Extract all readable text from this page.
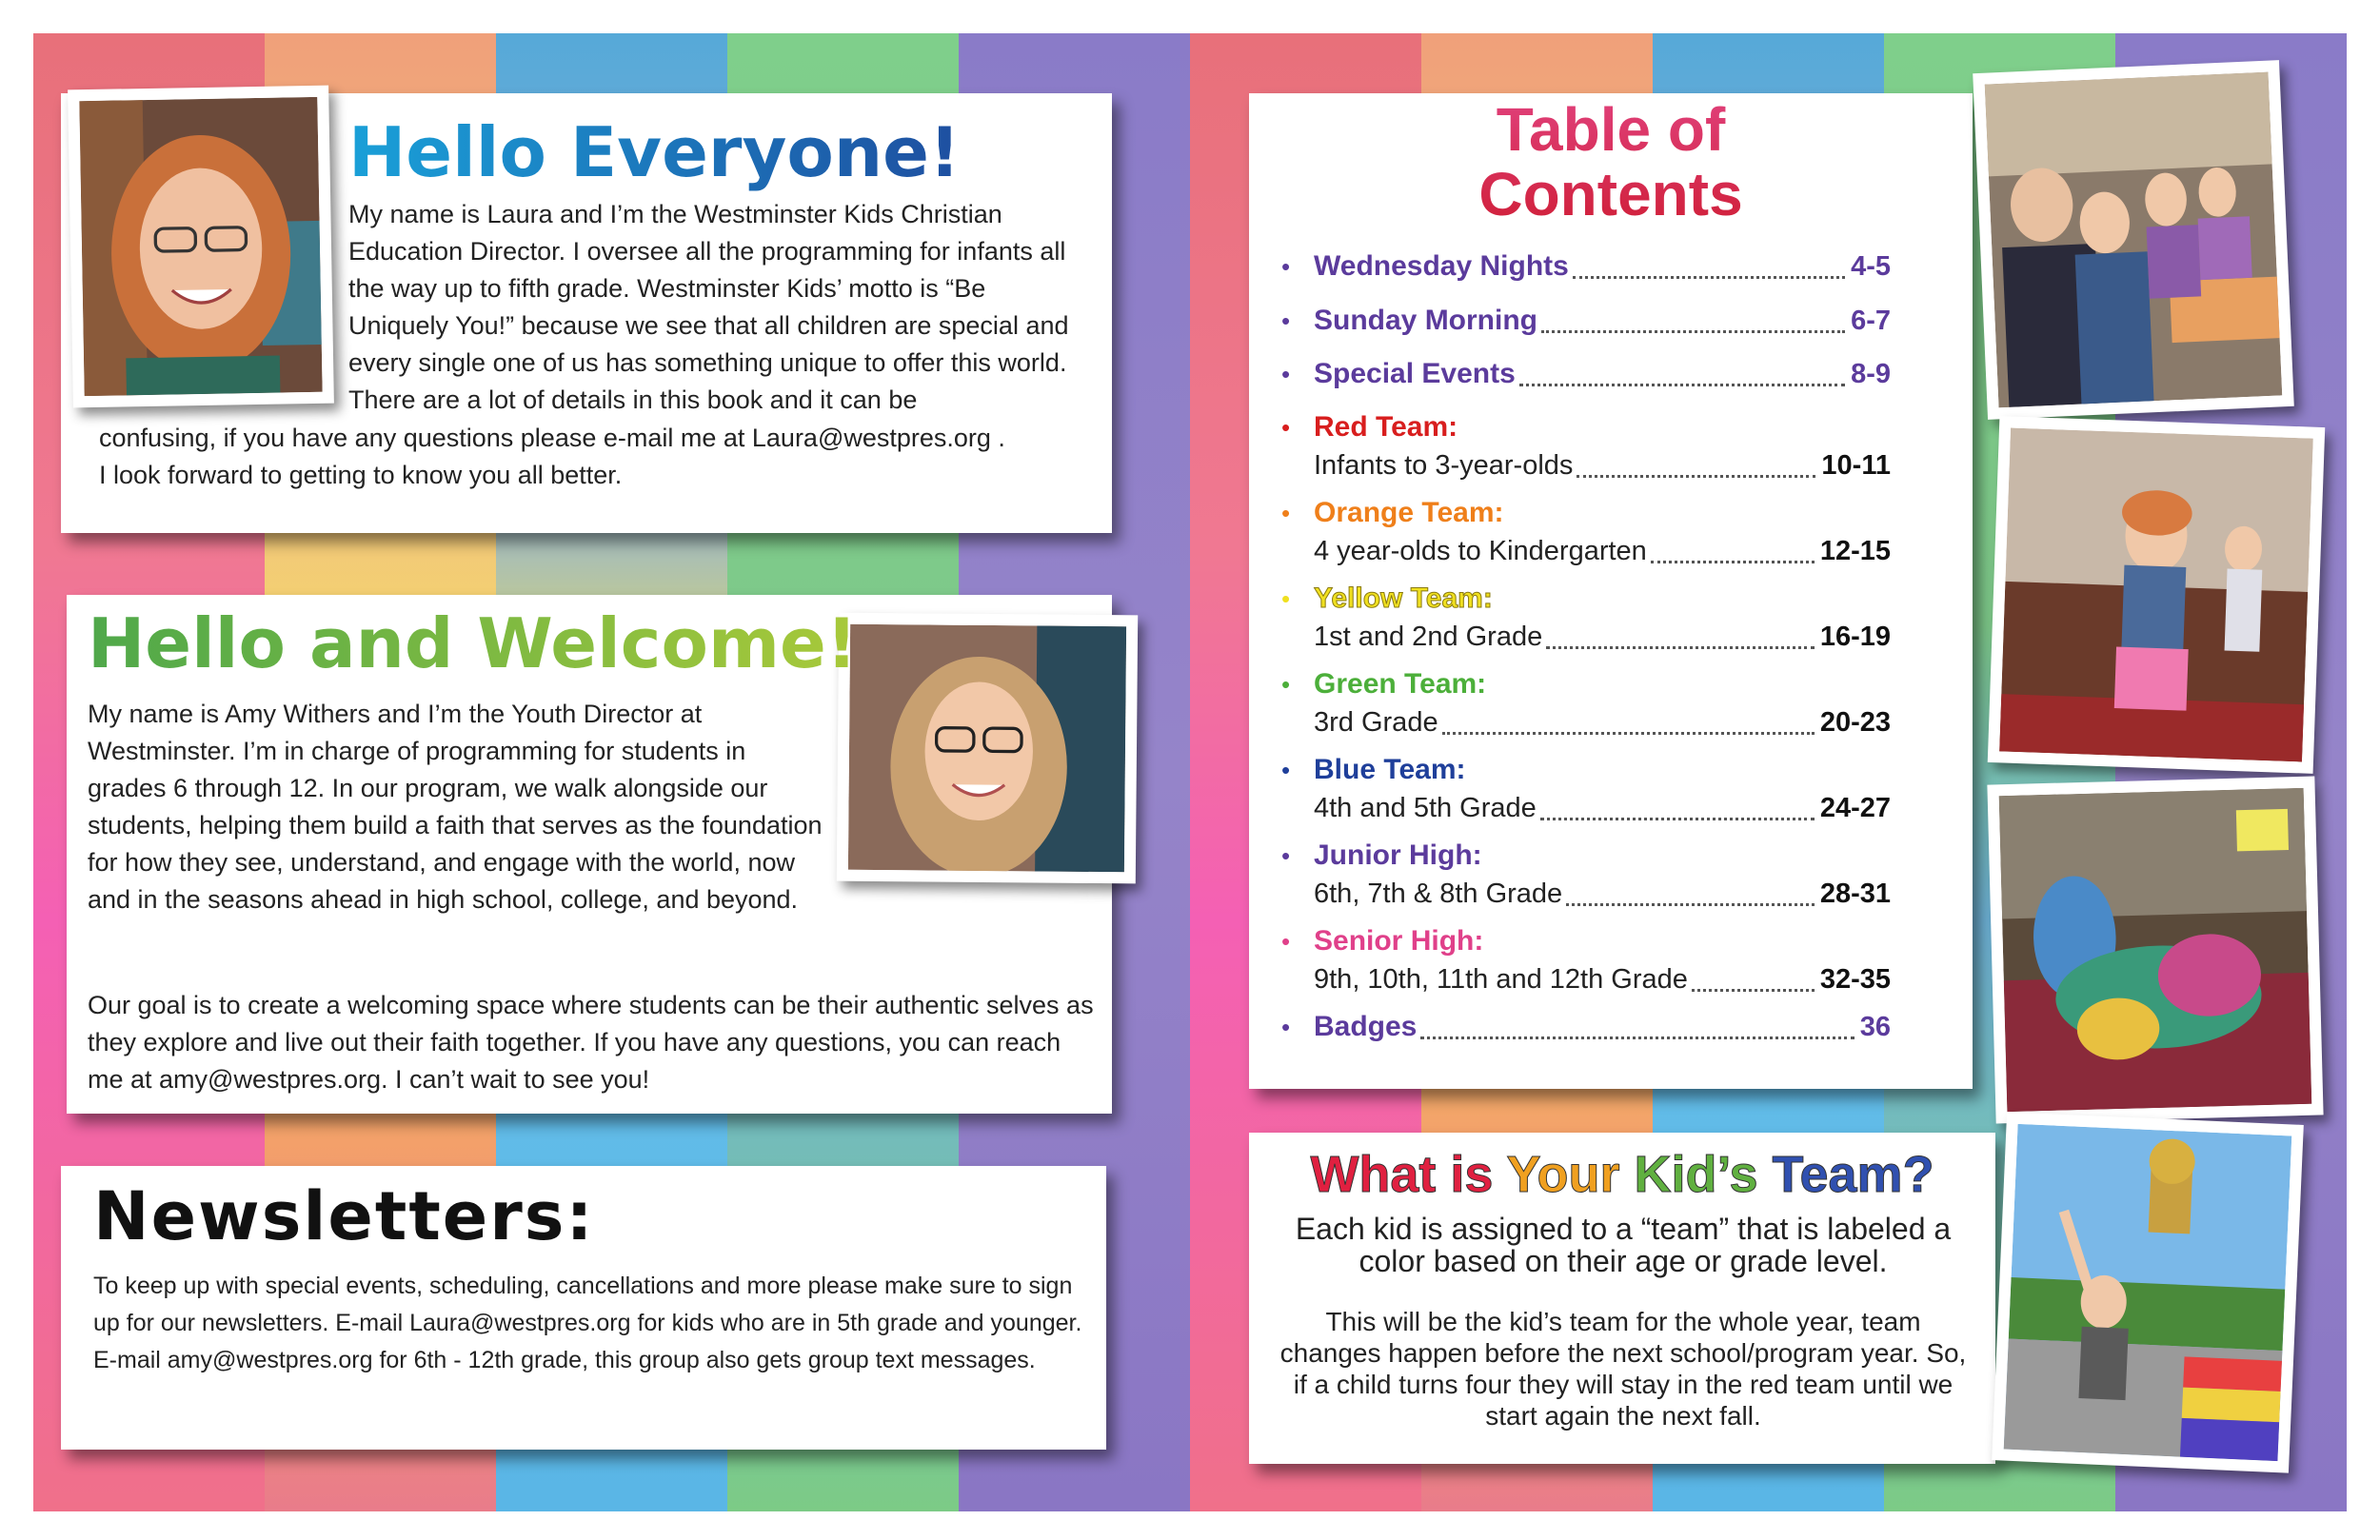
Hello Everyone!
My name is Laura and I’m the Westminster Kids Christian Education Director. I oversee all the programming for infants all the way up to fifth grade. Westminster Kids’ motto is “Be Uniquely You!” because we see that all children are special and every single one of us has something unique to offer this world. There are a lot of details in this book and it can be
confusing, if you have any questions please e-mail me at Laura@westpres.org .
I look forward to getting to know you all better.
Hello and Welcome!
My name is Amy Withers and I’m the Youth Director at Westminster. I’m in charge of programming for students in grades 6 through 12. In our program, we walk alongside our students, helping them build a faith that serves as the foundation for how they see, understand, and engage with the world, now and in the seasons ahead in high school, college, and beyond.
Our goal is to create a welcoming space where students can be their authentic selves as they explore and live out their faith together. If you have any questions, you can reach me at amy@westpres.org. I can’t wait to see you!
Newsletters:
To keep up with special events, scheduling, cancellations and more please make sure to sign up for our newsletters. E-mail Laura@westpres.org for kids who are in 5th grade and younger. E-mail amy@westpres.org for 6th - 12th grade, this group also gets group text messages.
Table of
Contents
• Wednesday Nights	4-5
• Sunday Morning	6-7
• Special Events	8-9
• Red Team:
Infants to 3-year-olds	10-11
• Orange Team:
4 year-olds to Kindergarten	12-15
• Yellow Team:
1st and 2nd Grade	16-19
• Green Team:
3rd Grade	20-23
• Blue Team:
4th and 5th Grade	24-27
• Junior High:
6th, 7th & 8th Grade	28-31
• Senior High:
9th, 10th, 11th and 12th Grade	32-35
• Badges	36
What is Your Kid’s Team?
Each kid is assigned to a “team” that is labeled a color based on their age or grade level.
This will be the kid’s team for the whole year, team changes happen before the next school/program year. So, if a child turns four they will stay in the red team until we start again the next fall.
